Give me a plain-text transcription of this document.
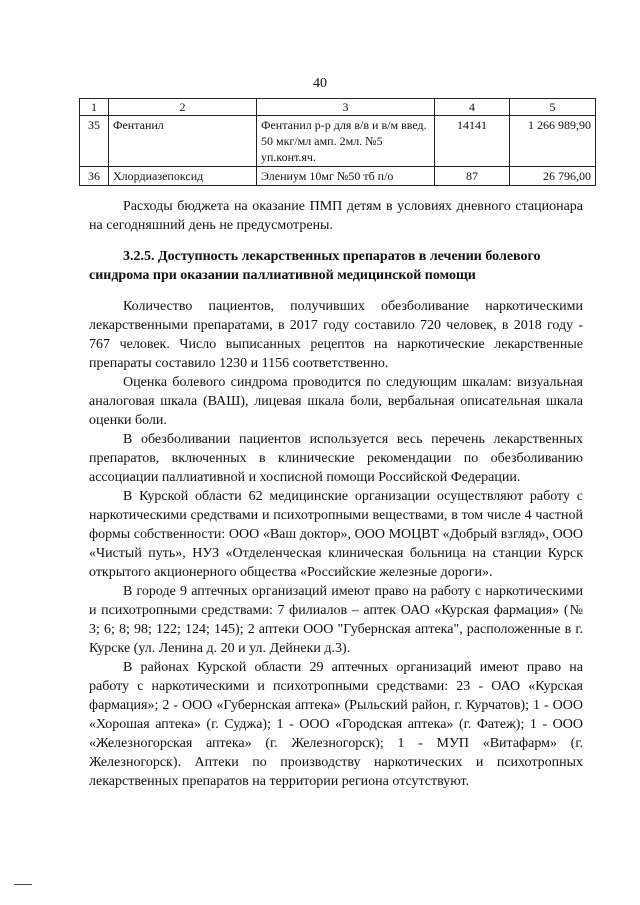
40
1	2	3	4	5
35	Фентанил	Фентанил р-р для в/в и в/м введ. 50 мкг/мл амп. 2мл. №5 уп.конт.яч.	14141	1 266 989,90
36	Хлордиазепоксид	Элениум 10мг №50 тб п/о	87	26 796,00

Расходы бюджета на оказание ПМП детям в условиях дневного стационара на сегодняшний день не предусмотрены.

3.2.5. Доступность лекарственных препаратов в лечении болевого синдрома при оказании паллиативной медицинской помощи

Количество пациентов, получивших обезболивание наркотическими лекарственными препаратами, в 2017 году составило 720 человек, в 2018 году - 767 человек. Число выписанных рецептов на наркотические лекарственные препараты составило 1230 и 1156 соответственно.

Оценка болевого синдрома проводится по следующим шкалам: визуальная аналоговая шкала (ВАШ), лицевая шкала боли, вербальная описательная шкала оценки боли.

В обезболивании пациентов используется весь перечень лекарственных препаратов, включенных в клинические рекомендации по обезболиванию ассоциации паллиативной и хосписной помощи Российской Федерации.

В Курской области 62 медицинские организации осуществляют работу с наркотическими средствами и психотропными веществами, в том числе 4 частной формы собственности: ООО «Ваш доктор», ООО МОЦВТ «Добрый взгляд», ООО «Чистый путь», НУЗ «Отделенческая клиническая больница на станции Курск открытого акционерного общества «Российские железные дороги».

В городе 9 аптечных организаций имеют право на работу с наркотическими и психотропными средствами: 7 филиалов – аптек ОАО «Курская фармация» (№ 3; 6; 8; 98; 122; 124; 145); 2 аптеки ООО "Губернская аптека", расположенные в г. Курске (ул. Ленина д. 20 и ул. Дейнеки д.3).

В районах Курской области 29 аптечных организаций имеют право на работу с наркотическими и психотропными средствами: 23 - ОАО «Курская фармация»; 2 - ООО «Губернская аптека» (Рыльский район, г. Курчатов); 1 - ООО «Хорошая аптека» (г. Суджа); 1 - ООО «Городская аптека» (г. Фатеж); 1 - ООО «Железногорская аптека» (г. Железногорск); 1 - МУП «Витафарм» (г. Железногорск). Аптеки по производству наркотических и психотропных лекарственных препаратов на территории региона отсутствуют.
